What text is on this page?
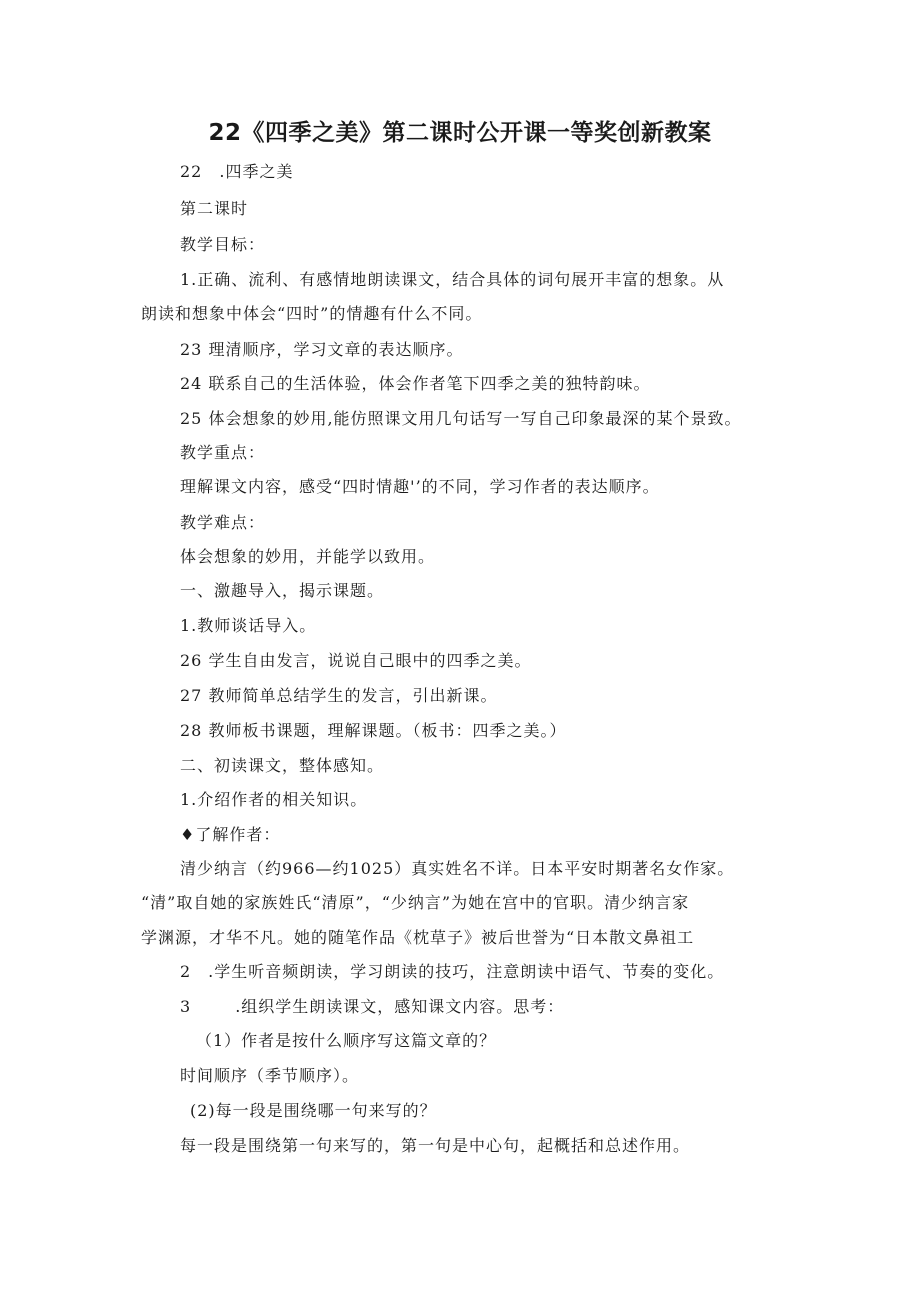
22《四季之美》第二课时公开课一等奖创新教案
22　.四季之美
第二课时
教学目标：
1.正确、流利、有感情地朗读课文，结合具体的词句展开丰富的想象。从
朗读和想象中体会“四时”的情趣有什么不同。
23 理清顺序，学习文章的表达顺序。
24 联系自己的生活体验，体会作者笔下四季之美的独特韵味。
25 体会想象的妙用,能仿照课文用几句话写一写自己印象最深的某个景致。
教学重点：
理解课文内容，感受“四时情趣'’的不同，学习作者的表达顺序。
教学难点：
体会想象的妙用，并能学以致用。
一、激趣导入，揭示课题。
1.教师谈话导入。
26 学生自由发言，说说自己眼中的四季之美。
27 教师简单总结学生的发言，引出新课。
28 教师板书课题，理解课题。（板书：四季之美。）
二、初读课文，整体感知。
1.介绍作者的相关知识。
♦了解作者：
清少纳言（约966—约1025）真实姓名不详。日本平安时期著名女作家。
“清”取自她的家族姓氏“清原”，“少纳言”为她在宫中的官职。清少纳言家
学渊源，才华不凡。她的随笔作品《枕草子》被后世誉为“日本散文鼻祖工
2　.学生听音频朗读，学习朗读的技巧，注意朗读中语气、节奏的变化。
3	.组织学生朗读课文，感知课文内容。思考：
（1）作者是按什么顺序写这篇文章的？
时间顺序（季节顺序）。
(2)每一段是围绕哪一句来写的？
每一段是围绕第一句来写的，第一句是中心句，起概括和总述作用。
